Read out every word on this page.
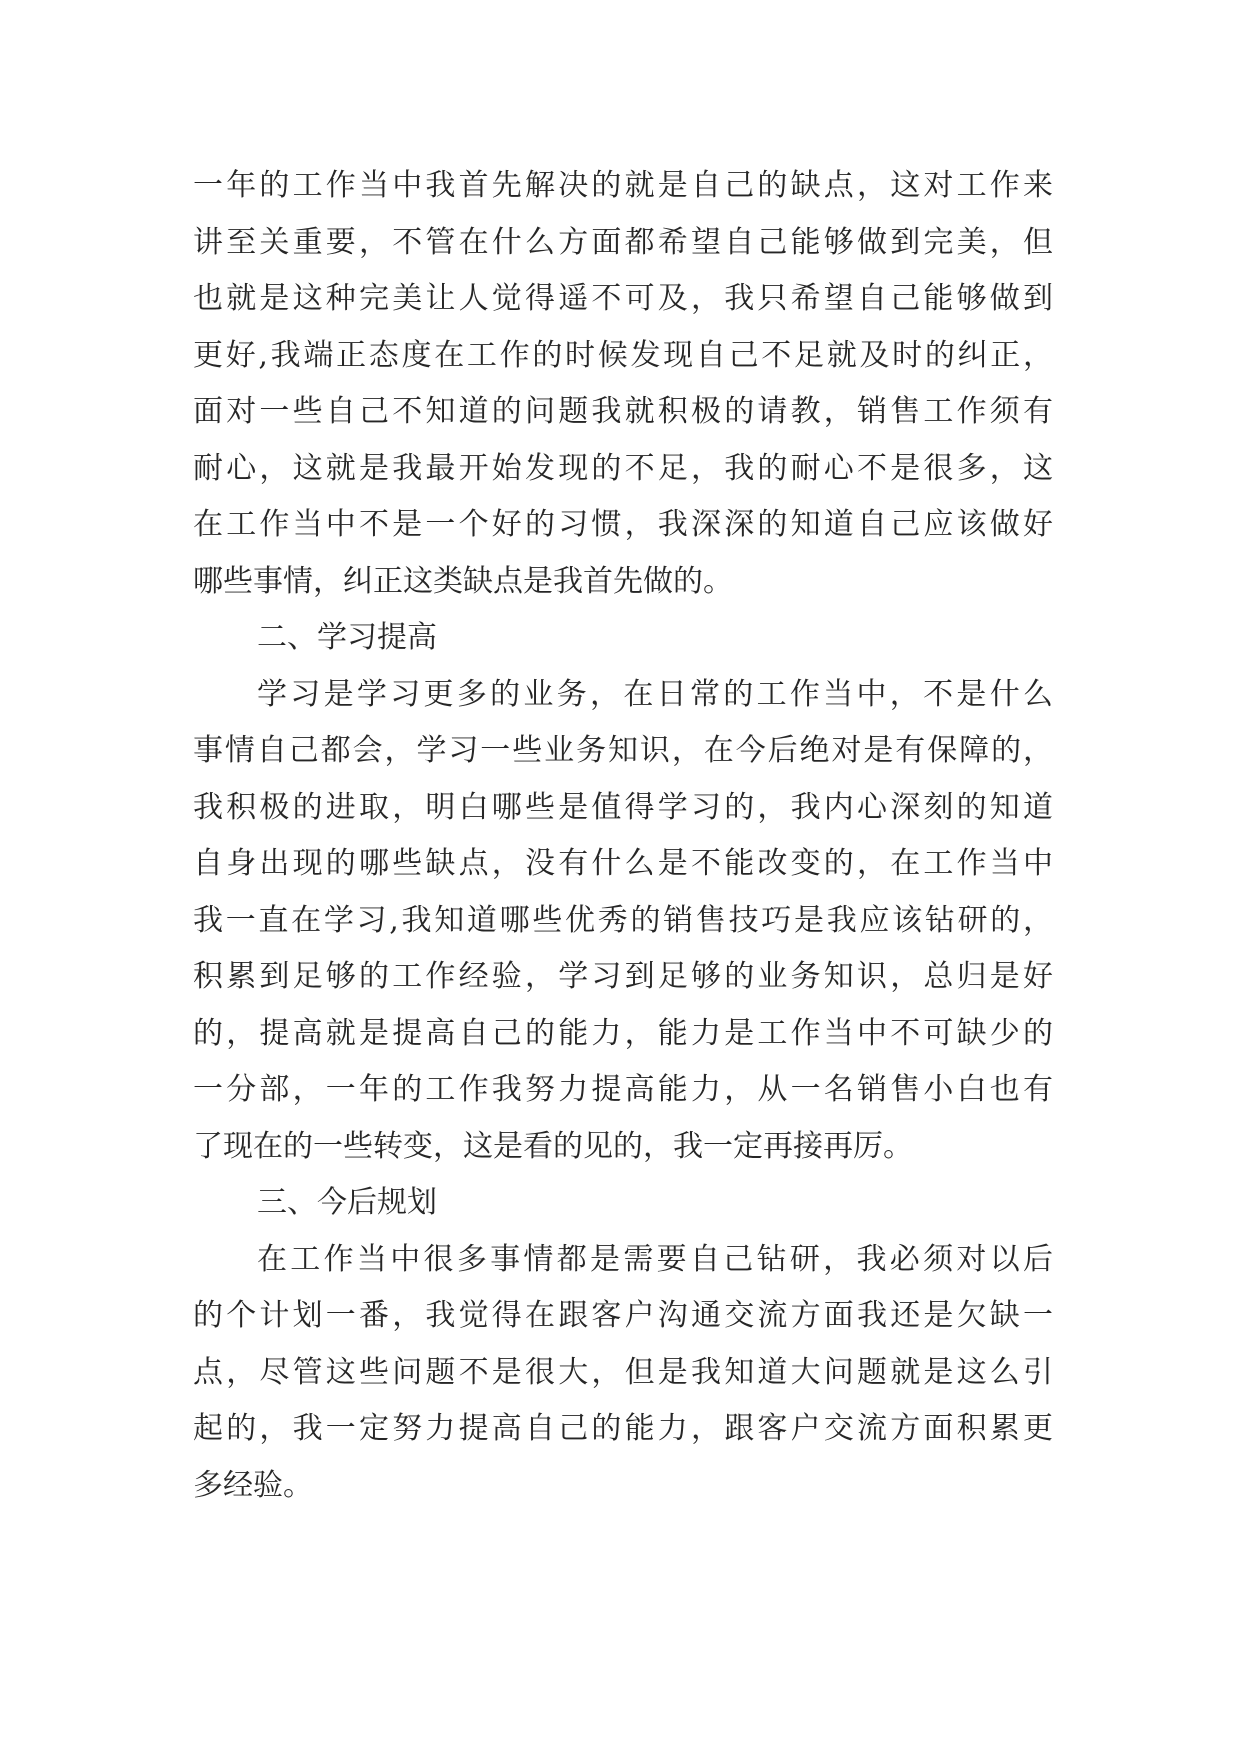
一年的工作当中我首先解决的就是自己的缺点，这对工作来
讲至关重要，不管在什么方面都希望自己能够做到完美，但
也就是这种完美让人觉得遥不可及，我只希望自己能够做到
更好,我端正态度在工作的时候发现自己不足就及时的纠正，
面对一些自己不知道的问题我就积极的请教，销售工作须有
耐心，这就是我最开始发现的不足，我的耐心不是很多，这
在工作当中不是一个好的习惯，我深深的知道自己应该做好
哪些事情，纠正这类缺点是我首先做的。
二、学习提高
学习是学习更多的业务，在日常的工作当中，不是什么
事情自己都会，学习一些业务知识，在今后绝对是有保障的，
我积极的进取，明白哪些是值得学习的，我内心深刻的知道
自身出现的哪些缺点，没有什么是不能改变的，在工作当中
我一直在学习,我知道哪些优秀的销售技巧是我应该钻研的，
积累到足够的工作经验，学习到足够的业务知识，总归是好
的，提高就是提高自己的能力，能力是工作当中不可缺少的
一分部，一年的工作我努力提高能力，从一名销售小白也有
了现在的一些转变，这是看的见的，我一定再接再厉。
三、今后规划
在工作当中很多事情都是需要自己钻研，我必须对以后
的个计划一番，我觉得在跟客户沟通交流方面我还是欠缺一
点，尽管这些问题不是很大，但是我知道大问题就是这么引
起的，我一定努力提高自己的能力，跟客户交流方面积累更
多经验。
